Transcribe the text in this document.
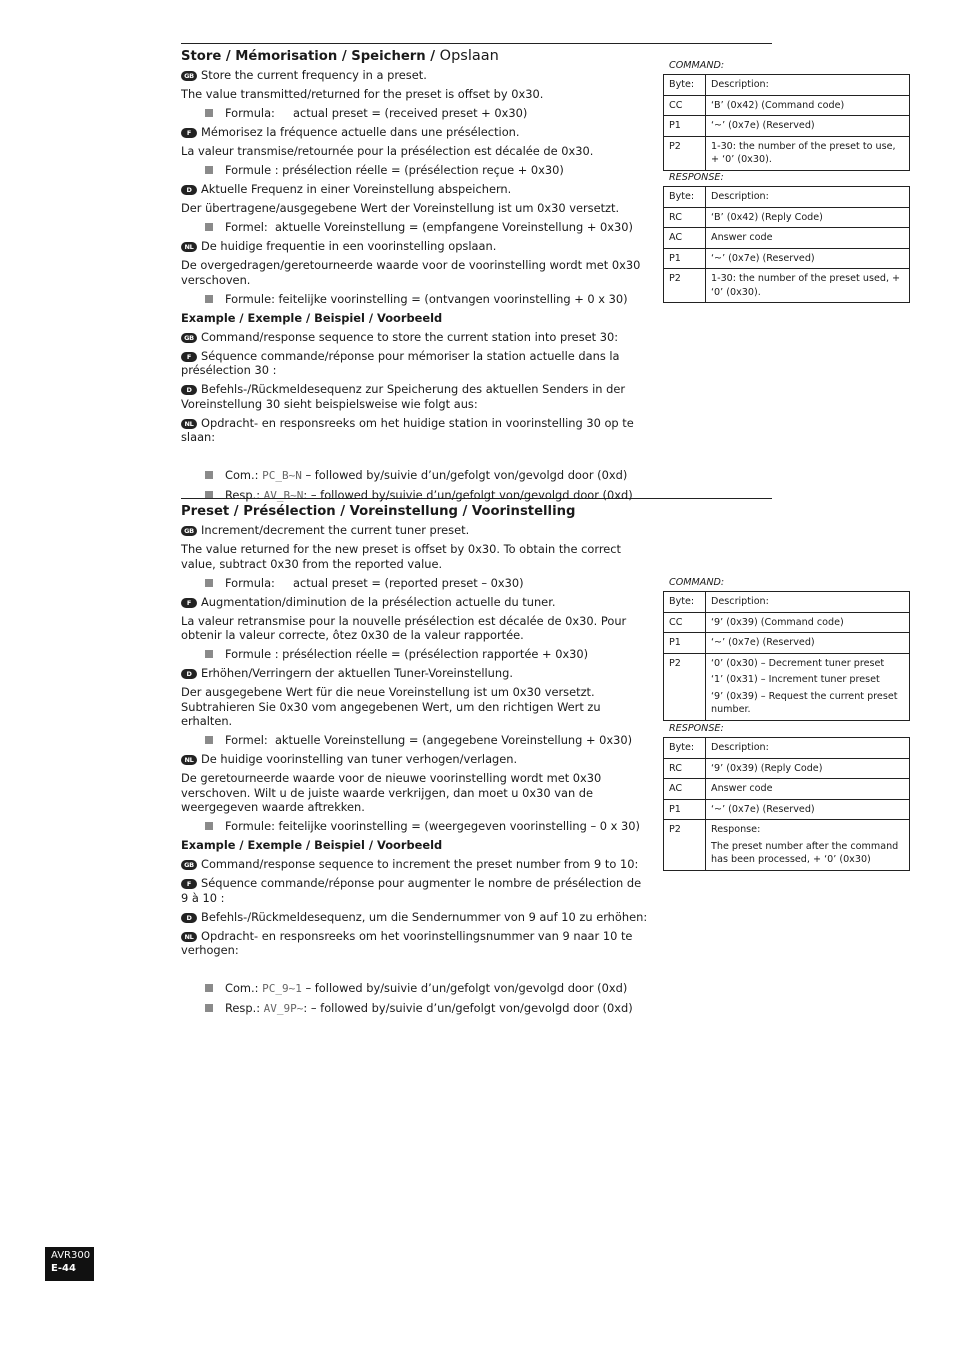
Store / Mémorisation / Speichern / Opslaan
GB Store the current frequency in a preset.
The value transmitted/returned for the preset is offset by 0x30.
Formula:     actual preset = (received preset + 0x30)
F Mémorisez la fréquence actuelle dans une présélection.
La valeur transmise/retournée pour la présélection est décalée de 0x30.
Formule : présélection réelle = (présélection reçue + 0x30)
D Aktuelle Frequenz in einer Voreinstellung abspeichern.
Der übertragene/ausgegebene Wert der Voreinstellung ist um 0x30 versetzt.
Formel:  aktuelle Voreinstellung = (empfangene Voreinstellung + 0x30)
NL De huidige frequentie in een voorinstelling opslaan.
De overgedragen/geretourneerde waarde voor de voorinstelling wordt met 0x30 verschoven.
Formule: feitelijke voorinstelling = (ontvangen voorinstelling + 0 x 30)
Example / Exemple / Beispiel / Voorbeeld
GB Command/response sequence to store the current station into preset 30:
F Séquence commande/réponse pour mémoriser la station actuelle dans la présélection 30 :
D Befehls-/Rückmeldesequenz zur Speicherung des aktuellen Senders in der Voreinstellung 30 sieht beispielsweise wie folgt aus:
NL Opdracht- en responsreeks om het huidige station in voorinstelling 30 op te slaan:
Com.: PC_B~N – followed by/suivie d’un/gefolgt von/gevolgd door (0xd)
Resp.: AV_B~N: – followed by/suivie d’un/gefolgt von/gevolgd door (0xd)
COMMAND:
Byte:	Description:

CC	‘B’ (0x42) (Command code)

P1	‘~’ (0x7e) (Reserved)

P2	1-30: the number of the preset to use, + ‘0’ (0x30).
RESPONSE:
Byte:	Description:

RC	‘B’ (0x42) (Reply Code)

AC	Answer code

P1	‘~’ (0x7e) (Reserved)

P2	1-30: the number of the preset used, + ‘0’ (0x30).
Preset / Présélection / Voreinstellung / Voorinstelling
GB Increment/decrement the current tuner preset.
The value returned for the new preset is offset by 0x30. To obtain the correct value, subtract 0x30 from the reported value.
Formula:     actual preset = (reported preset – 0x30)
F Augmentation/diminution de la présélection actuelle du tuner.
La valeur retransmise pour la nouvelle présélection est décalée de 0x30. Pour obtenir la valeur correcte, ôtez 0x30 de la valeur rapportée.
Formule : présélection réelle = (présélection rapportée + 0x30)
D Erhöhen/Verringern der aktuellen Tuner-Voreinstellung.
Der ausgegebene Wert für die neue Voreinstellung ist um 0x30 versetzt. Subtrahieren Sie 0x30 vom angegebenen Wert, um den richtigen Wert zu erhalten.
Formel:  aktuelle Voreinstellung = (angegebene Voreinstellung + 0x30)
NL De huidige voorinstelling van tuner verhogen/verlagen.
De geretourneerde waarde voor de nieuwe voorinstelling wordt met 0x30 verschoven. Wilt u de juiste waarde verkrijgen, dan moet u 0x30 van de weergegeven waarde aftrekken.
Formule: feitelijke voorinstelling = (weergegeven voorinstelling – 0 x 30)
Example / Exemple / Beispiel / Voorbeeld
GB Command/response sequence to increment the preset number from 9 to 10:
F Séquence commande/réponse pour augmenter le nombre de présélection de 9 à 10 :
D Befehls-/Rückmeldesequenz, um die Sendernummer von 9 auf 10 zu erhöhen:
NL Opdracht- en responsreeks om het voorinstellingsnummer van 9 naar 10 te verhogen:
Com.: PC_9~1 – followed by/suivie d’un/gefolgt von/gevolgd door (0xd)
Resp.: AV_9P~: – followed by/suivie d’un/gefolgt von/gevolgd door (0xd)
COMMAND:
Byte:	Description:

CC	‘9’ (0x39) (Command code)

P1	‘~’ (0x7e) (Reserved)

P2	‘0’ (0x30) – Decrement tuner preset
‘1’ (0x31) – Increment tuner preset
‘9’ (0x39) – Request the current preset number.
RESPONSE:
Byte:	Description:

RC	‘9’ (0x39) (Reply Code)

AC	Answer code

P1	‘~’ (0x7e) (Reserved)

P2	Response:
The preset number after the command has been processed, + ‘0’ (0x30)
AVR300
E-44
